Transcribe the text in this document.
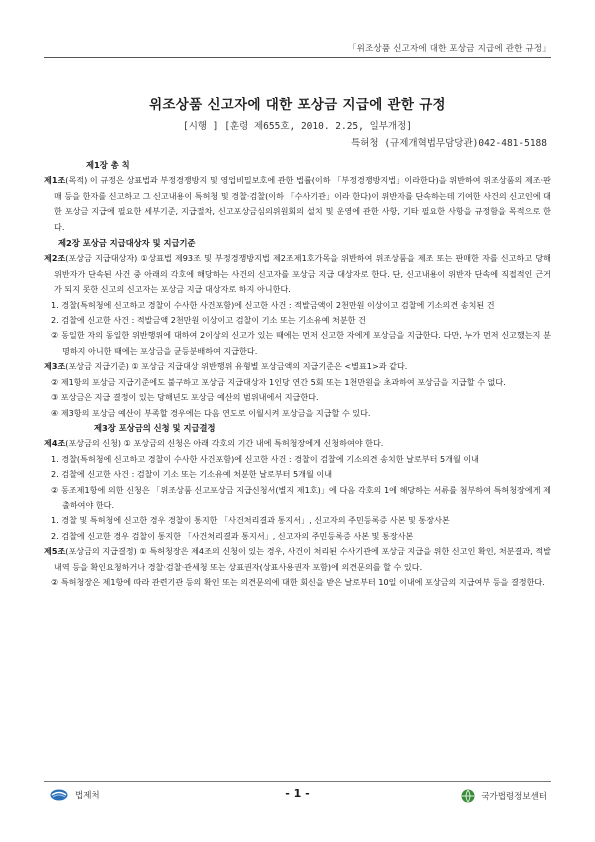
「위조상품 신고자에 대한 포상금 지급에 관한 규정」
위조상품 신고자에 대한 포상금 지급에 관한 규정
[시행 ] [훈령 제655호, 2010. 2.25, 일부개정]
특허청 (규제개혁법무담당관)042-481-5188
제1장 총 칙

제1조(목적) 이 규정은 상표법과 부정경쟁방지 및 영업비밀보호에 관한 법률(이하 「부정경쟁방지법」이라한다)을 위반하여 위조상품의 제조·판매 등을 한자를 신고하고 그 신고내용이 특허청 및 경찰·검찰(이하 「수사기관」이라 한다)이 위반자를 단속하는데 기여한 사건의 신고인에 대한 포상금 지급에 필요한 세부기준, 지급절차, 신고포상금심의위원회의 설치 및 운영에 관한 사항, 기타 필요한 사항을 규정함을 목적으로 한다.

제2장 포상금 지급대상자 및 지급기준

제2조(포상금 지급대상자) ①상표법 제93조 및 부정경쟁방지법 제2조제1호가목을 위반하여 위조상품을 제조 또는 판매한 자를 신고하고 당해 위반자가 단속된 사건 중 아래의 각호에 해당하는 사건의 신고자를 포상금 지급 대상자로 한다. 단, 신고내용이 위반자 단속에 직접적인 근거가 되지 못한 신고의 신고자는 포상금 지급 대상자로 하지 아니한다.

1. 경찰(특허청에 신고하고 경찰이 수사한 사건포함)에 신고한 사건 : 적발금액이 2천만원 이상이고 검찰에 기소의견 송치된 건

2. 검찰에 신고한 사건 : 적발금액 2천만원 이상이고 검찰이 기소 또는 기소유예 처분한 건

② 동일한 자의 동일한 위반행위에 대하여 2이상의 신고가 있는 때에는 먼저 신고한 자에게 포상금을 지급한다. 다만, 누가 먼저 신고했는지 분명하지 아니한 때에는 포상금을 균등분배하여 지급한다.

제3조(포상금 지급기준) ① 포상금 지급대상 위반행위 유형별 포상금액의 지급기준은 <별표1>과 같다.

② 제1항의 포상금 지급기준에도 불구하고 포상금 지급대상자 1인당 연간 5회 또는 1천만원을 초과하여 포상금을 지급할 수 없다.

③ 포상금은 지급 결정이 있는 당해년도 포상금 예산의 범위내에서 지급한다.

④ 제3항의 포상금 예산이 부족할 경우에는 다음 연도로 이월시켜 포상금을 지급할 수 있다.

제3장 포상금의 신청 및 지급결정

제4조(포상금의 신청) ① 포상금의 신청은 아래 각호의 기간 내에 특허청장에게 신청하여야 한다.

1. 경찰(특허청에 신고하고 경찰이 수사한 사건포함)에 신고한 사건 : 경찰이 검찰에 기소의견 송치한 날로부터 5개월 이내

2. 검찰에 신고한 사건 : 검찰이 기소 또는 기소유예 처분한 날로부터 5개월 이내

② 동조제1항에 의한 신청은 「위조상품 신고포상금 지급신청서(별지 제1호)」에 다음 각호의 1에 해당하는 서류를 첨부하여 특허청장에게 제출하여야 한다.

1. 경찰 및 특허청에 신고한 경우 경찰이 통지한 「사건처리결과 통지서」, 신고자의 주민등록증 사본 및 통장사본

2. 검찰에 신고한 경우 검찰이 통지한 「사건처리결과 통지서」, 신고자의 주민등록증 사본 및 통장사본

제5조(포상금의 지급결정) ① 특허청장은 제4조의 신청이 있는 경우, 사건이 처리된 수사기관에 포상금 지급을 위한 신고인 확인, 처분결과, 적발내역 등을 확인요청하거나 경찰·검찰·관세청 또는 상표권자(상표사용권자 포함)에 의견문의를 할 수 있다.

② 특허청장은 제1항에 따라 관련기관 등의 확인 또는 의견문의에 대한 회신을 받은 날로부터 10일 이내에 포상금의 지급여부 등을 결정한다.

법제처	- 1 -	국가법령정보센터
